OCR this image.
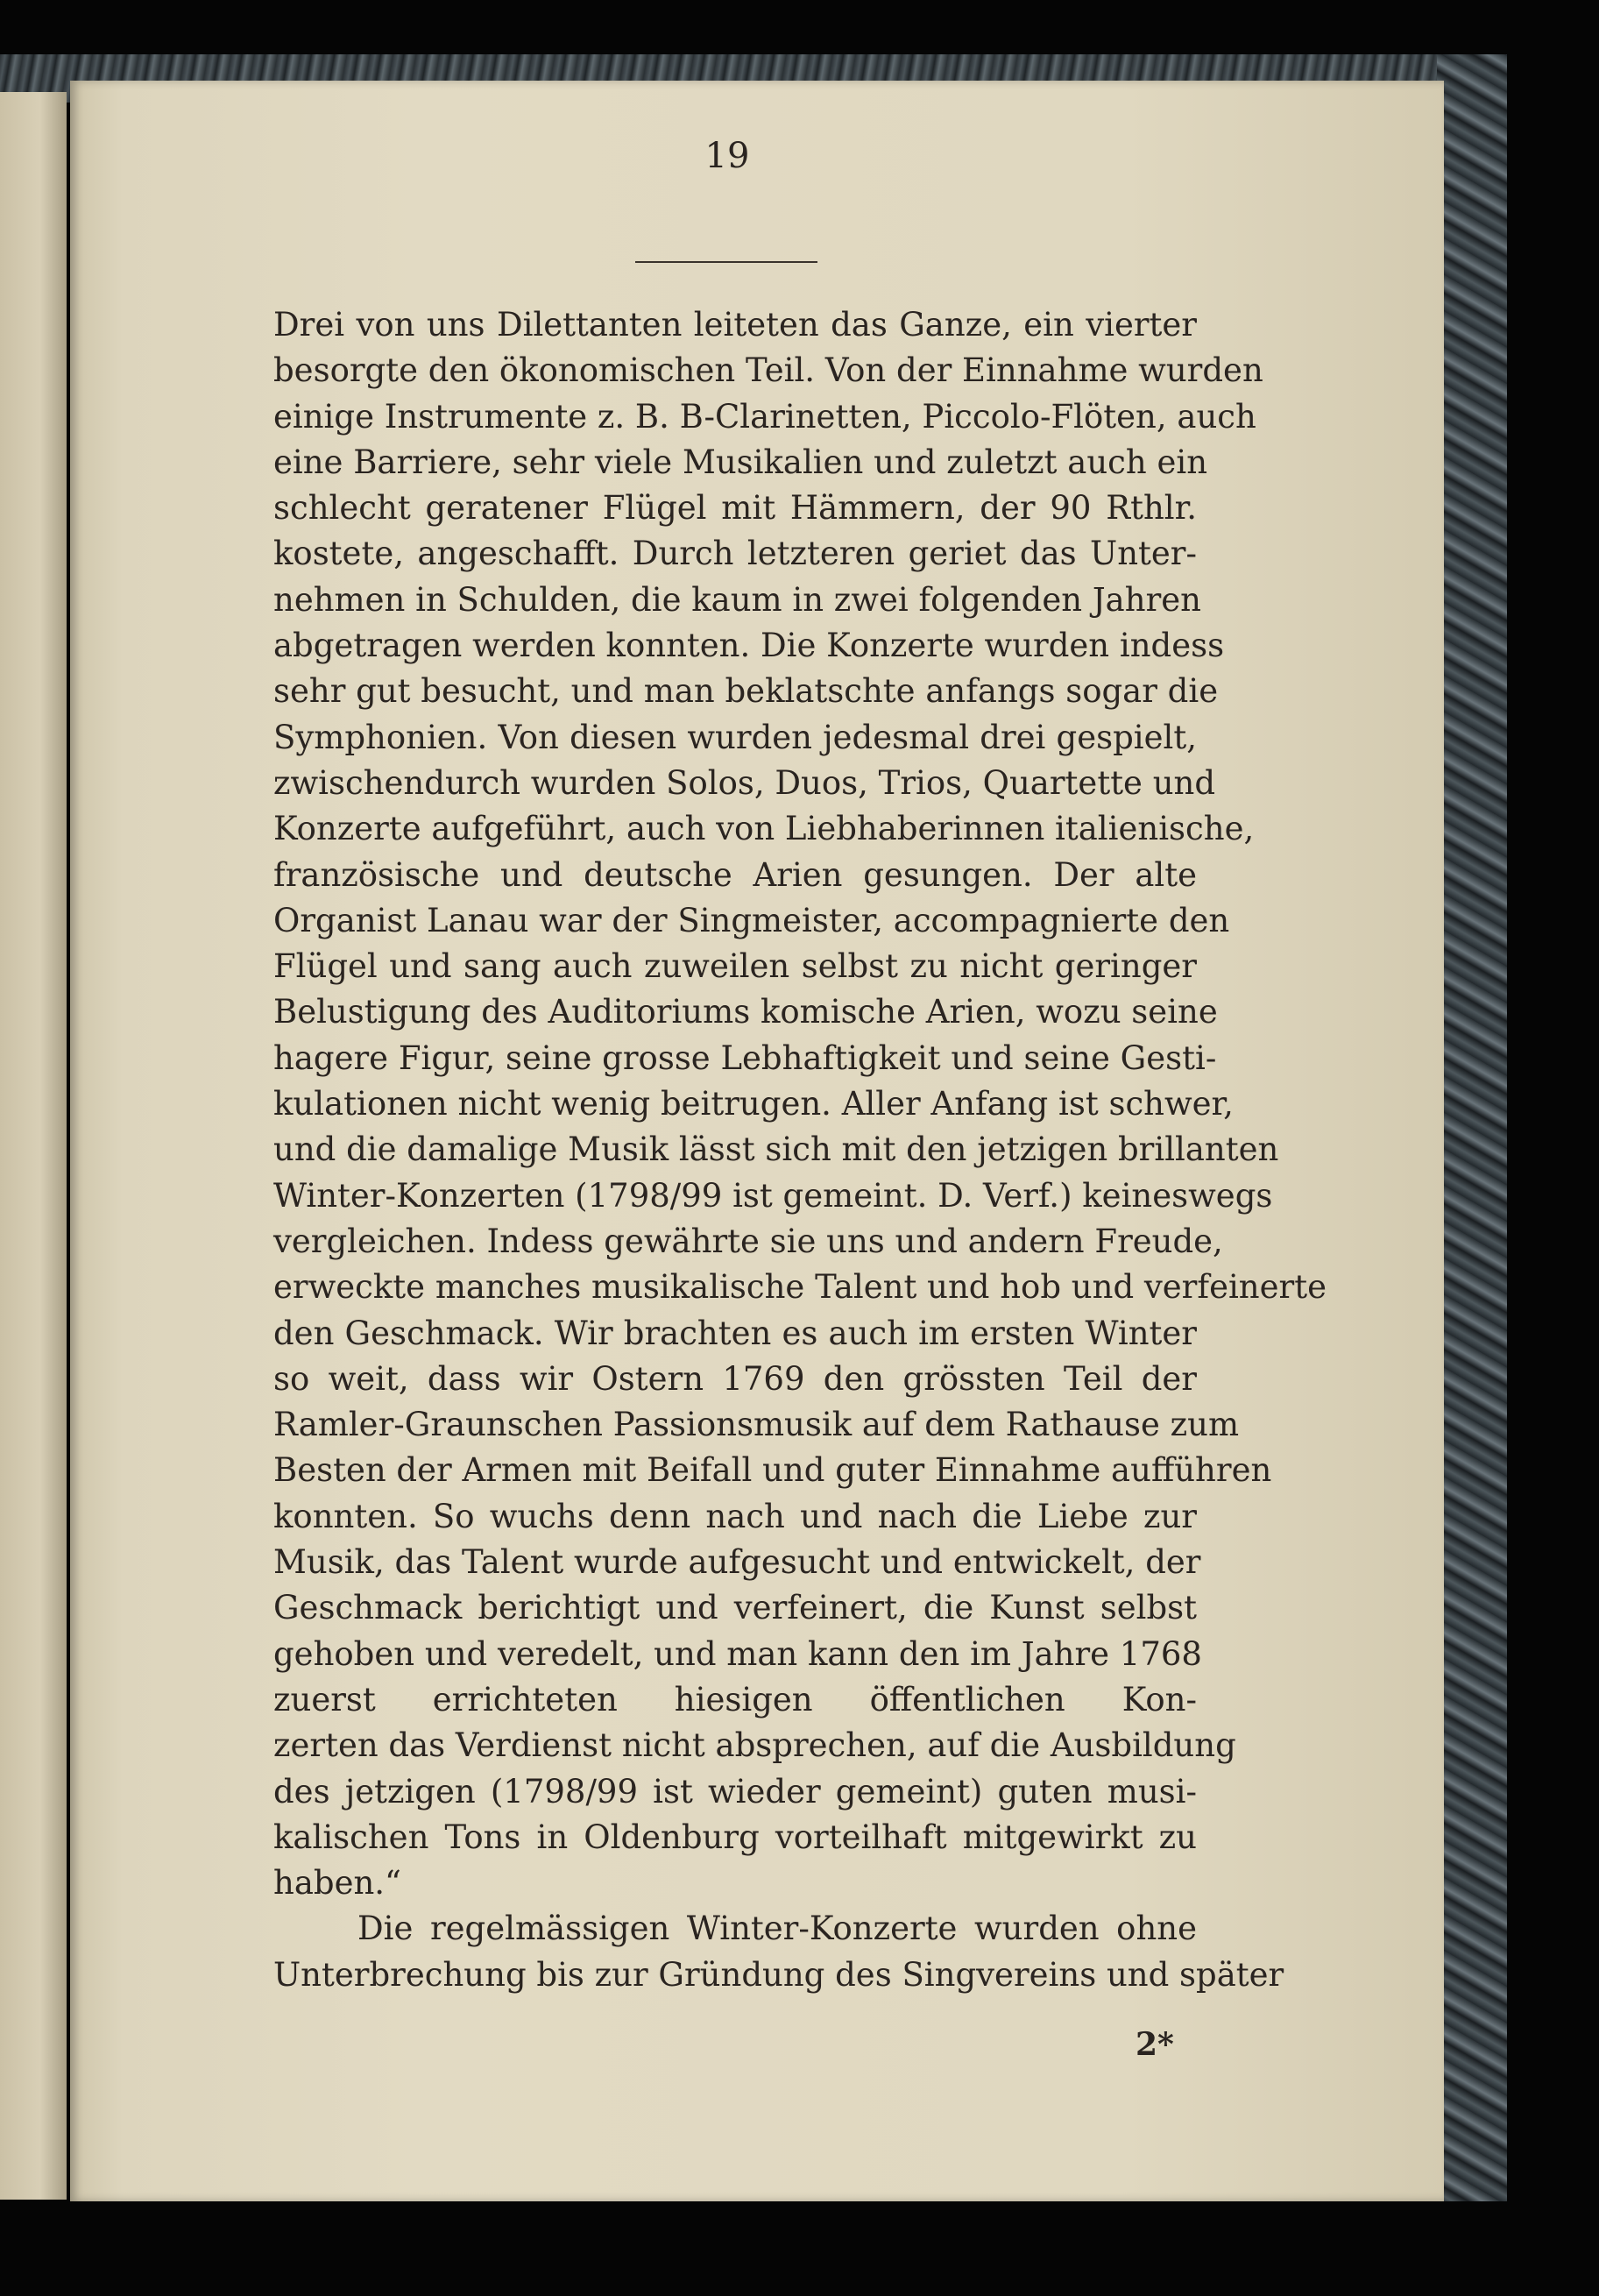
19
Drei von uns Dilettanten leiteten das Ganze, ein vierter
besorgte den ökonomischen Teil. Von der Einnahme wurden
einige Instrumente z. B. B-Clarinetten, Piccolo-Flöten, auch
eine Barriere, sehr viele Musikalien und zuletzt auch ein
schlecht geratener Flügel mit Hämmern, der 90 Rthlr.
kostete, angeschafft. Durch letzteren geriet das Unter-
nehmen in Schulden, die kaum in zwei folgenden Jahren
abgetragen werden konnten. Die Konzerte wurden indess
sehr gut besucht, und man beklatschte anfangs sogar die
Symphonien. Von diesen wurden jedesmal drei gespielt,
zwischendurch wurden Solos, Duos, Trios, Quartette und
Konzerte aufgeführt, auch von Liebhaberinnen italienische,
französische und deutsche Arien gesungen. Der alte
Organist Lanau war der Singmeister, accompagnierte den
Flügel und sang auch zuweilen selbst zu nicht geringer
Belustigung des Auditoriums komische Arien, wozu seine
hagere Figur, seine grosse Lebhaftigkeit und seine Gesti-
kulationen nicht wenig beitrugen. Aller Anfang ist schwer,
und die damalige Musik lässt sich mit den jetzigen brillanten
Winter-Konzerten (1798/99 ist gemeint. D. Verf.) keineswegs
vergleichen. Indess gewährte sie uns und andern Freude,
erweckte manches musikalische Talent und hob und verfeinerte
den Geschmack. Wir brachten es auch im ersten Winter
so weit, dass wir Ostern 1769 den grössten Teil der
Ramler-Graunschen Passionsmusik auf dem Rathause zum
Besten der Armen mit Beifall und guter Einnahme aufführen
konnten. So wuchs denn nach und nach die Liebe zur
Musik, das Talent wurde aufgesucht und entwickelt, der
Geschmack berichtigt und verfeinert, die Kunst selbst
gehoben und veredelt, und man kann den im Jahre 1768
zuerst errichteten hiesigen öffentlichen Kon-
zerten das Verdienst nicht absprechen, auf die Ausbildung
des jetzigen (1798/99 ist wieder gemeint) guten musi-
kalischen Tons in Oldenburg vorteilhaft mitgewirkt zu
haben.“
Die regelmässigen Winter-Konzerte wurden ohne
Unterbrechung bis zur Gründung des Singvereins und später
2*
